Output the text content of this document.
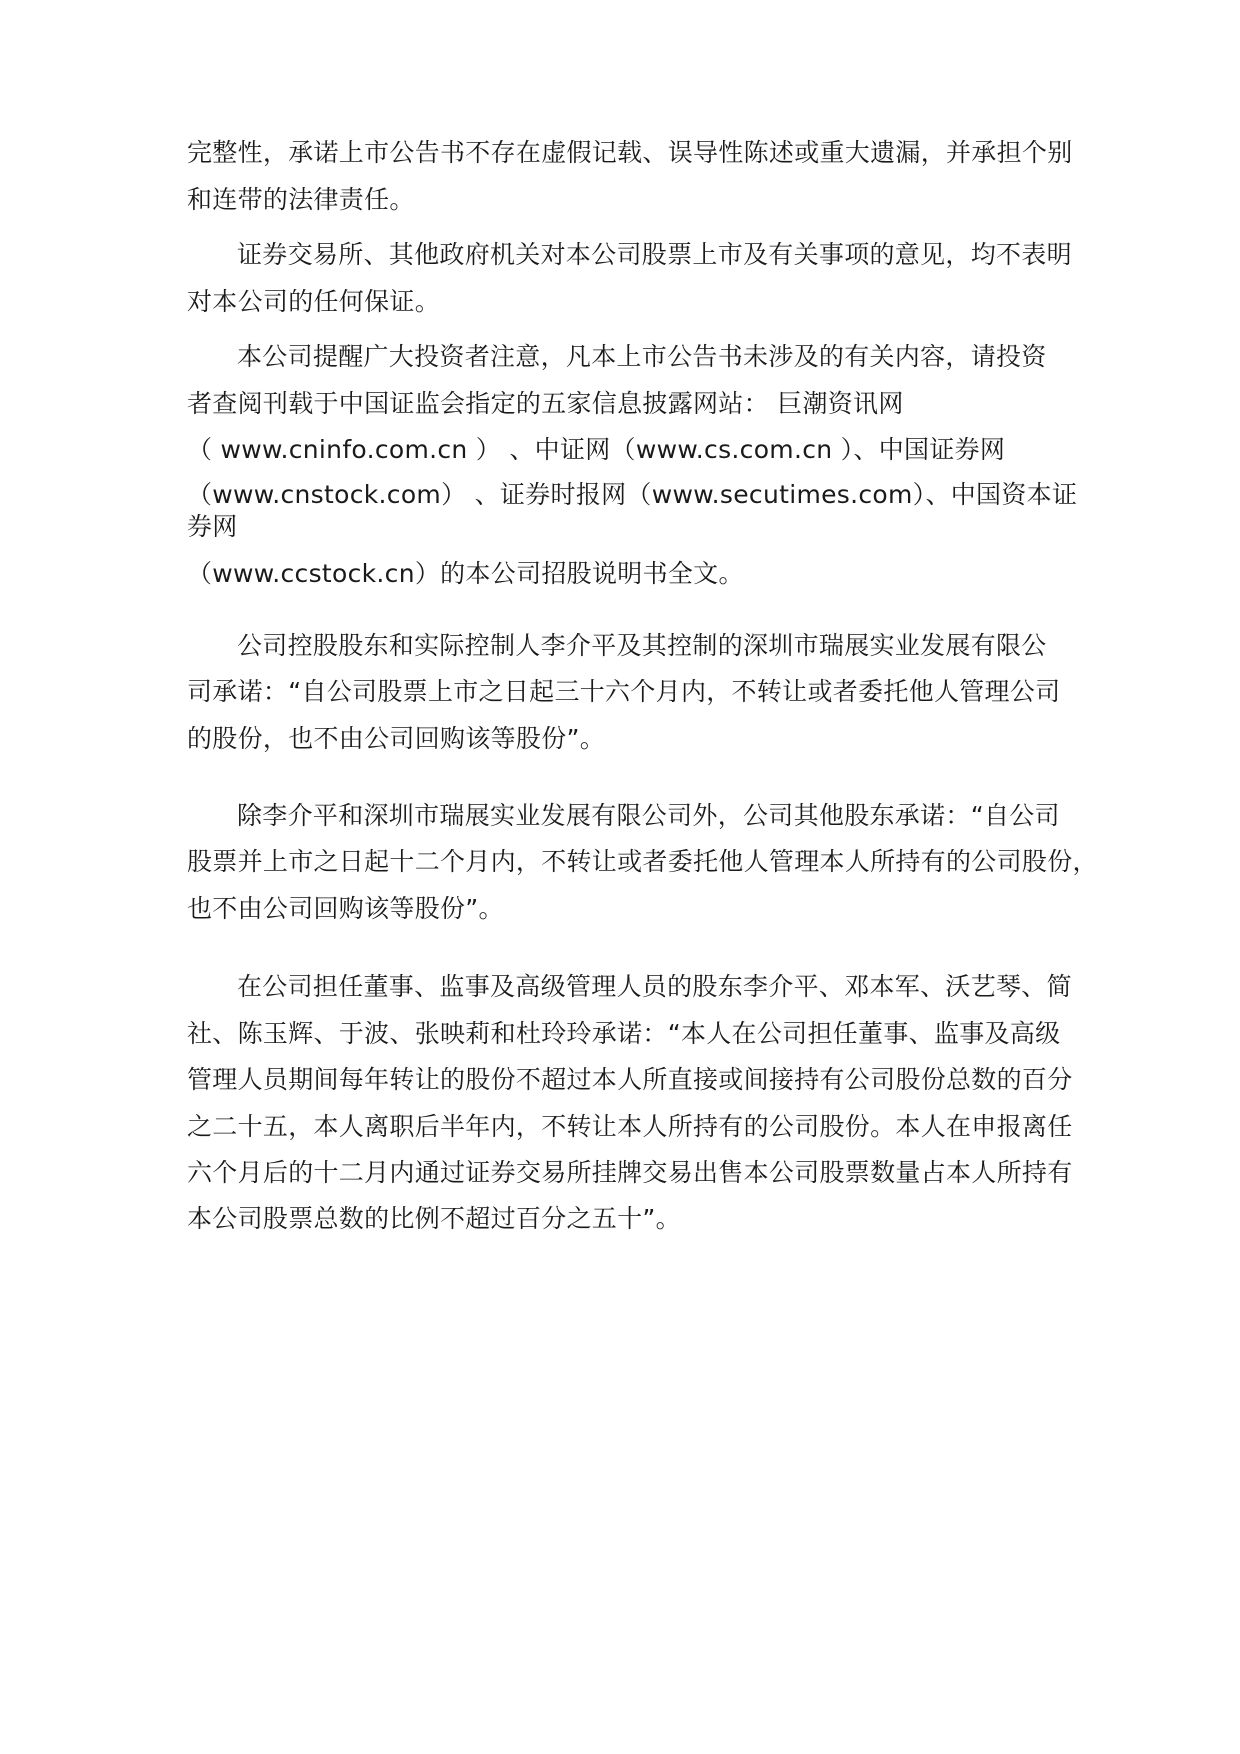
完整性，承诺上市公告书不存在虚假记载、误导性陈述或重大遗漏，并承担个别
和连带的法律责任。
证券交易所、其他政府机关对本公司股票上市及有关事项的意见，均不表明
对本公司的任何保证。
本公司提醒广大投资者注意，凡本上市公告书未涉及的有关内容，请投资
者查阅刊载于中国证监会指定的五家信息披露网站： 巨潮资讯网
（ www.cninfo.com.cn ） 、中证网（www.cs.com.cn ）、中国证券网
（www.cnstock.com） 、证券时报网（www.secutimes.com）、中国资本证
券网
（www.ccstock.cn）的本公司招股说明书全文。
公司控股股东和实际控制人李介平及其控制的深圳市瑞展实业发展有限公
司承诺：“自公司股票上市之日起三十六个月内，不转让或者委托他人管理公司
的股份，也不由公司回购该等股份”。
除李介平和深圳市瑞展实业发展有限公司外，公司其他股东承诺：“自公司
股票并上市之日起十二个月内，不转让或者委托他人管理本人所持有的公司股份，
也不由公司回购该等股份”。
在公司担任董事、监事及高级管理人员的股东李介平、邓本军、沃艺琴、简
社、陈玉辉、于波、张映莉和杜玲玲承诺：“本人在公司担任董事、监事及高级
管理人员期间每年转让的股份不超过本人所直接或间接持有公司股份总数的百分
之二十五，本人离职后半年内，不转让本人所持有的公司股份。本人在申报离任
六个月后的十二月内通过证券交易所挂牌交易出售本公司股票数量占本人所持有
本公司股票总数的比例不超过百分之五十”。
